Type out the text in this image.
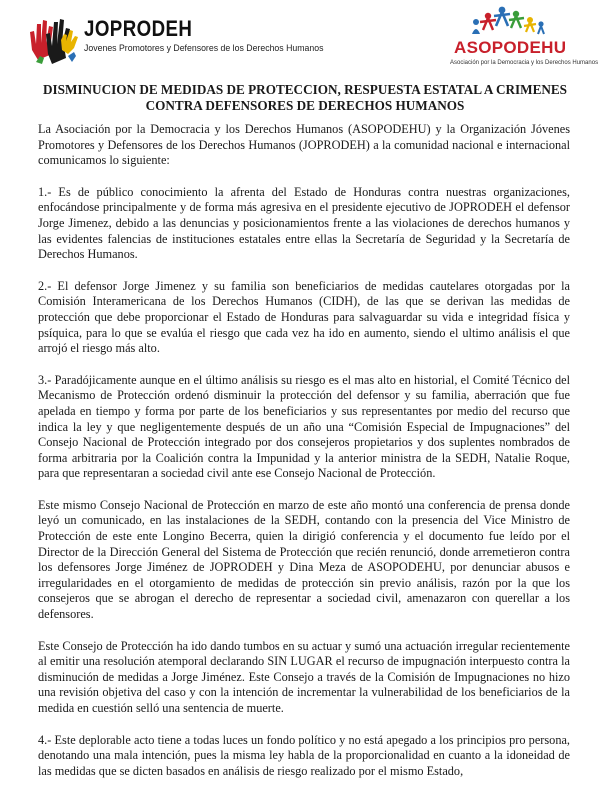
JOPRODEH
Jovenes Promotores y Defensores de los Derechos Humanos	ASOPODEHU
Asociación por la Democracia y los Derechos Humanos
DISMINUCION DE MEDIDAS DE PROTECCION, RESPUESTA ESTATAL A CRIMENES CONTRA DEFENSORES DE DERECHOS HUMANOS

La Asociación por la Democracia y los Derechos Humanos (ASOPODEHU) y la Organización Jóvenes Promotores y Defensores de los Derechos Humanos (JOPRODEH) a la comunidad nacional e internacional comunicamos lo siguiente:

1.- Es de público conocimiento la afrenta del Estado de Honduras contra nuestras organizaciones, enfocándose principalmente y de forma más agresiva en el presidente ejecutivo de JOPRODEH el defensor Jorge Jimenez, debido a las denuncias y posicionamientos frente a las violaciones de derechos humanos y las evidentes falencias de instituciones estatales entre ellas la Secretaría de Seguridad y la Secretaría de Derechos Humanos.

2.- El defensor Jorge Jimenez y su familia son beneficiarios de medidas cautelares otorgadas por la Comisión Interamericana de los Derechos Humanos (CIDH), de las que se derivan las medidas de protección que debe proporcionar el Estado de Honduras para salvaguardar su vida e integridad física y psíquica, para lo que se evalúa el riesgo que cada vez ha ido en aumento, siendo el ultimo análisis el que arrojó el riesgo más alto.

3.- Paradójicamente aunque en el último análisis su riesgo es el mas alto en historial, el Comité Técnico del Mecanismo de Protección ordenó disminuir la protección del defensor y su familia, aberración que fue apelada en tiempo y forma por parte de los beneficiarios y sus representantes por medio del recurso que indica la ley y que negligentemente después de un año una “Comisión Especial de Impugnaciones” del Consejo Nacional de Protección integrado por dos consejeros propietarios y dos suplentes nombrados de forma arbitraria por la Coalición contra la Impunidad y la anterior ministra de la SEDH, Natalie Roque, para que representaran a sociedad civil ante ese Consejo Nacional de Protección.

Este mismo Consejo Nacional de Protección en marzo de este año montó una conferencia de prensa donde leyó un comunicado, en las instalaciones de la SEDH, contando con la presencia del Vice Ministro de Protección de este ente Longino Becerra, quien la dirigió conferencia y el documento fue leído por el Director de la Dirección General del Sistema de Protección que recién renunció, donde arremetieron contra los defensores Jorge Jiménez de JOPRODEH y Dina Meza de ASOPODEHU, por denunciar abusos e irregularidades en el otorgamiento de medidas de protección sin previo análisis, razón por la que los consejeros que se abrogan el derecho de representar a sociedad civil, amenazaron con querellar a los defensores.

Este Consejo de Protección ha ido dando tumbos en su actuar y sumó una actuación irregular recientemente al emitir una resolución atemporal declarando SIN LUGAR el recurso de impugnación interpuesto contra la disminución de medidas a Jorge Jiménez. Este Consejo a través de la Comisión de Impugnaciones no hizo una revisión objetiva del caso y con la intención de incrementar la vulnerabilidad de los beneficiarios de la medida en cuestión selló una sentencia de muerte.

4.- Este deplorable acto tiene a todas luces un fondo político y no está apegado a los principios pro persona, denotando una mala intención, pues la misma ley habla de la proporcionalidad en cuanto a la idoneidad de las medidas que se dicten basados en análisis de riesgo realizado por el mismo Estado,
